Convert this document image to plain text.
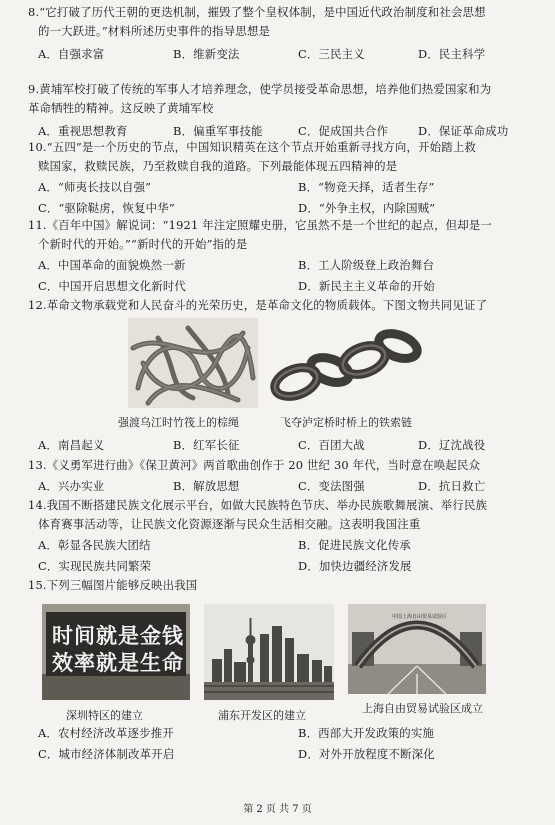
8.“它打破了历代王朝的更迭机制，摧毁了整个皇权体制，是中国近代政治制度和社会思想
的一大跃进。”材料所述历史事件的指导思想是
A．自强求富	B．维新变法	C．三民主义	D．民主科学
9.黄埔军校打破了传统的军事人才培养理念，使学员接受革命思想，培养他们热爱国家和为
革命牺牲的精神。这反映了黄埔军校
A．重视思想教育	B．偏重军事技能	C．促成国共合作	D．保证革命成功
10.“五四”是一个历史的节点，中国知识精英在这个节点开始重新寻找方向，开始踏上救
赎国家，救赎民族，乃至救赎自我的道路。下列最能体现五四精神的是
A．“师夷长技以自强”	B．“物竞天择，适者生存”
C．“驱除鞑虏，恢复中华”	D．“外争主权，内除国贼”
11.《百年中国》解说词：“1921 年注定照耀史册，它虽然不是一个世纪的起点，但却是一
个新时代的开始。”“新时代的开始”指的是
A．中国革命的面貌焕然一新	B．工人阶级登上政治舞台
C．中国开启思想文化新时代	D．新民主主义革命的开始
12.革命文物承载党和人民奋斗的光荣历史，是革命文化的物质载体。下图文物共同见证了
强渡乌江时竹筏上的棕绳	飞夺泸定桥时桥上的铁索链
A．南昌起义	B．红军长征	C．百团大战	D．辽沈战役
13.《义勇军进行曲》《保卫黄河》两首歌曲创作于 20 世纪 30 年代，当时意在唤起民众
A．兴办实业	B．解放思想	C．变法图强	D．抗日救亡
14.我国不断搭建民族文化展示平台，如做大民族特色节庆、举办民族歌舞展演、举行民族
体育赛事活动等，让民族文化资源逐渐与民众生活相交融。这表明我国注重
A．彰显各民族大团结	B．促进民族文化传承
C．实现民族共同繁荣	D．加快边疆经济发展
15.下列三幅图片能够反映出我国
时间就是金钱
效率就是生命
中国上海自由贸易试验区
深圳特区的建立	浦东开发区的建立
上海自由贸易试验区成立
A．农村经济改革逐步推开	B．西部大开发政策的实施
C．城市经济体制改革开启	D．对外开放程度不断深化
第 2 页 共 7 页
